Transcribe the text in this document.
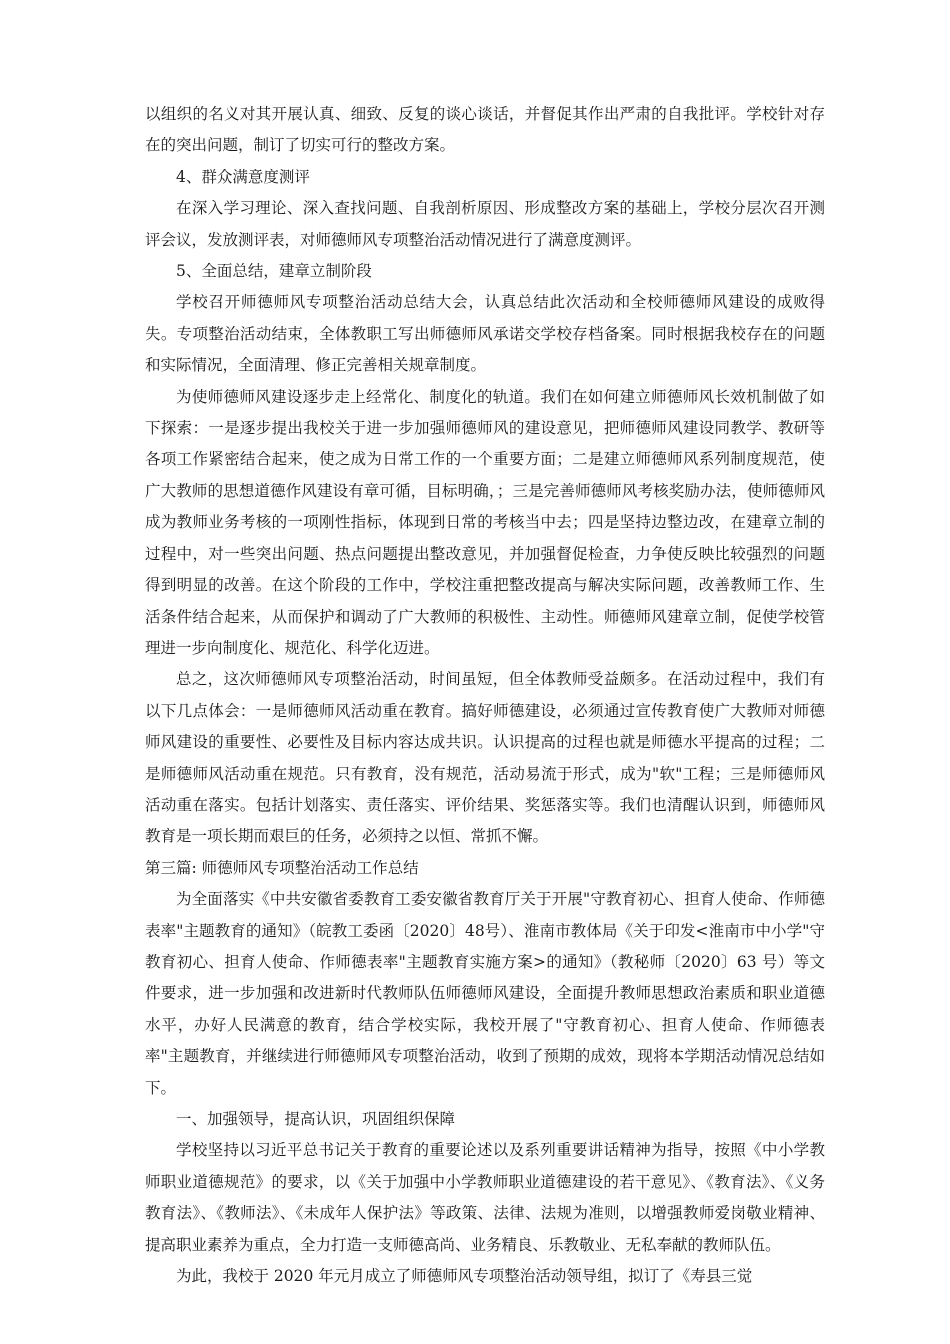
以组织的名义对其开展认真、细致、反复的谈心谈话，并督促其作出严肃的自我批评。学校针对存在的突出问题，制订了切实可行的整改方案。

4、群众满意度测评

在深入学习理论、深入查找问题、自我剖析原因、形成整改方案的基础上，学校分层次召开测评会议，发放测评表，对师德师风专项整治活动情况进行了满意度测评。

5、全面总结，建章立制阶段

学校召开师德师风专项整治活动总结大会，认真总结此次活动和全校师德师风建设的成败得失。专项整治活动结束，全体教职工写出师德师风承诺交学校存档备案。同时根据我校存在的问题和实际情况，全面清理、修正完善相关规章制度。

为使师德师风建设逐步走上经常化、制度化的轨道。我们在如何建立师德师风长效机制做了如下探索：一是逐步提出我校关于进一步加强师德师风的建设意见，把师德师风建设同教学、教研等各项工作紧密结合起来，使之成为日常工作的一个重要方面；二是建立师德师风系列制度规范，使广大教师的思想道德作风建设有章可循，目标明确，；三是完善师德师风考核奖励办法，使师德师风成为教师业务考核的一项刚性指标，体现到日常的考核当中去；四是坚持边整边改，在建章立制的过程中，对一些突出问题、热点问题提出整改意见，并加强督促检查，力争使反映比较强烈的问题得到明显的改善。在这个阶段的工作中，学校注重把整改提高与解决实际问题，改善教师工作、生活条件结合起来，从而保护和调动了广大教师的积极性、主动性。师德师风建章立制，促使学校管理进一步向制度化、规范化、科学化迈进。

总之，这次师德师风专项整治活动，时间虽短，但全体教师受益颇多。在活动过程中，我们有以下几点体会：一是师德师风活动重在教育。搞好师德建设，必须通过宣传教育使广大教师对师德师风建设的重要性、必要性及目标内容达成共识。认识提高的过程也就是师德水平提高的过程；二是师德师风活动重在规范。只有教育，没有规范，活动易流于形式，成为"软"工程；三是师德师风活动重在落实。包括计划落实、责任落实、评价结果、奖惩落实等。我们也清醒认识到，师德师风教育是一项长期而艰巨的任务，必须持之以恒、常抓不懈。

第三篇: 师德师风专项整治活动工作总结

为全面落实《中共安徽省委教育工委安徽省教育厅关于开展"守教育初心、担育人使命、作师德表率"主题教育的通知》（皖教工委函〔2020〕48号）、淮南市教体局《关于印发<淮南市中小学"守教育初心、担育人使命、作师德表率"主题教育实施方案>的通知》（教秘师〔2020〕63 号）等文件要求，进一步加强和改进新时代教师队伍师德师风建设，全面提升教师思想政治素质和职业道德水平，办好人民满意的教育，结合学校实际，我校开展了"守教育初心、担育人使命、作师德表率"主题教育，并继续进行师德师风专项整治活动，收到了预期的成效，现将本学期活动情况总结如下。

一、加强领导，提高认识，巩固组织保障

学校坚持以习近平总书记关于教育的重要论述以及系列重要讲话精神为指导，按照《中小学教师职业道德规范》的要求，以《关于加强中小学教师职业道德建设的若干意见》、《教育法》、《义务教育法》、《教师法》、《未成年人保护法》等政策、法律、法规为准则，以增强教师爱岗敬业精神、提高职业素养为重点，全力打造一支师德高尚、业务精良、乐教敬业、无私奉献的教师队伍。

为此，我校于 2020 年元月成立了师德师风专项整治活动领导组，拟订了《寿县三觉
